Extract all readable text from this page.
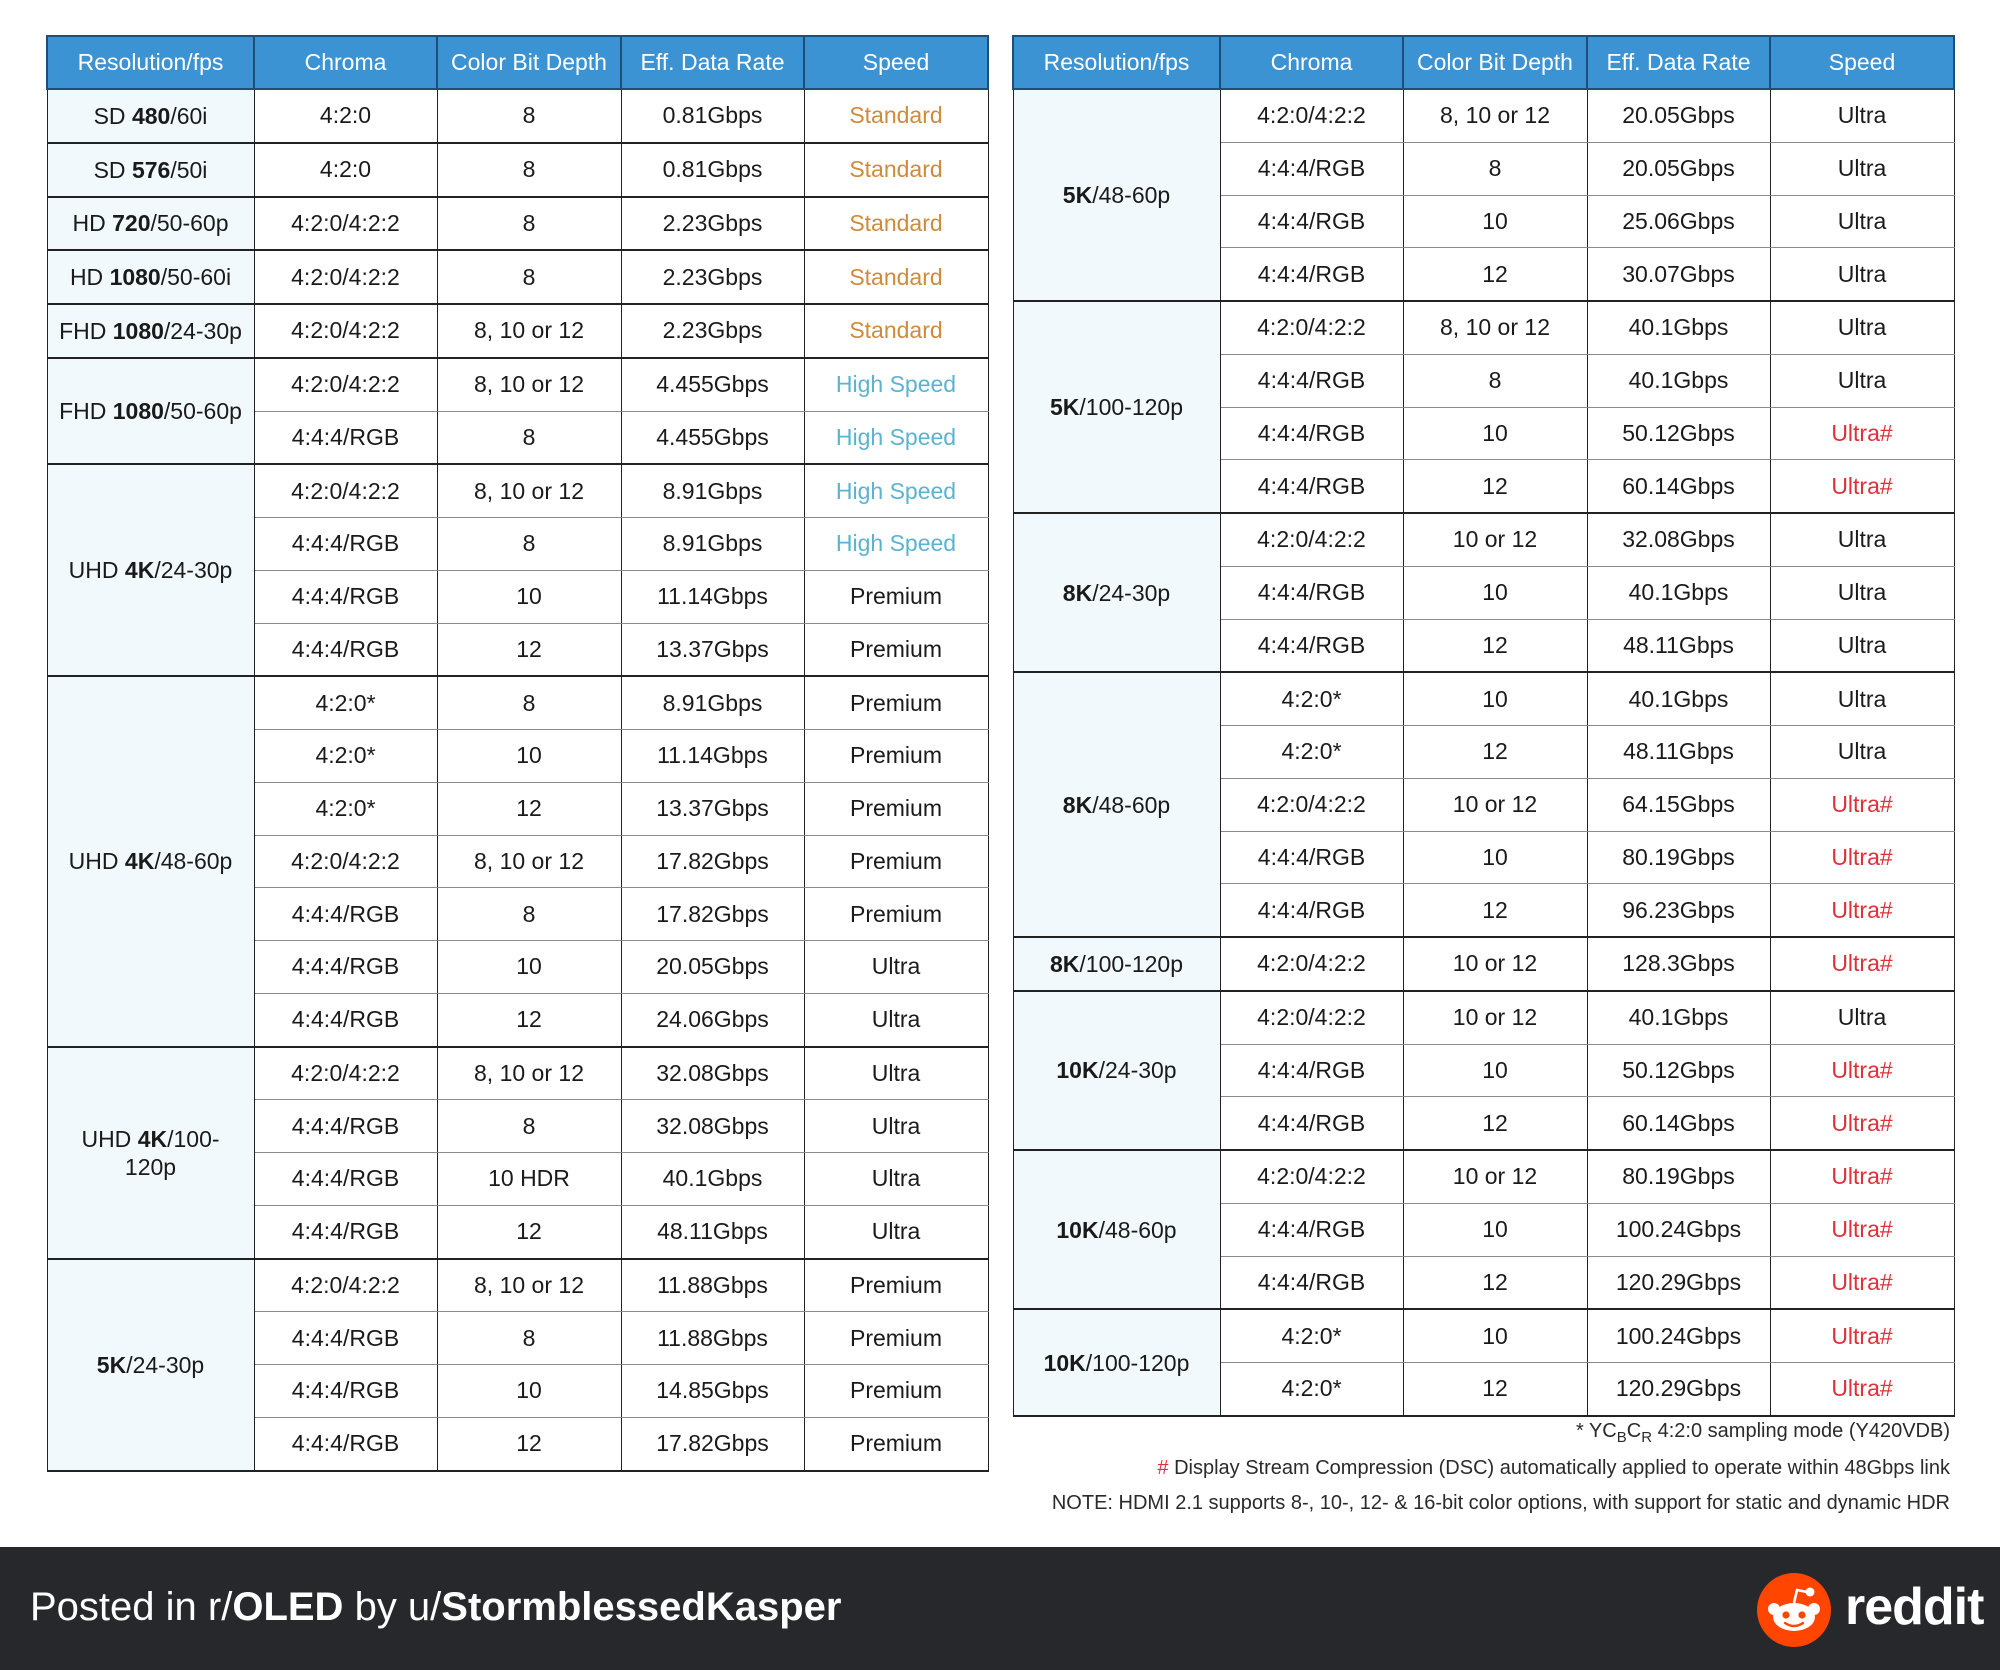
Resolution/fps	Chroma	Color Bit Depth	Eff. Data Rate	Speed
SD 480/60i	4:2:0	8	0.81Gbps	Standard
SD 576/50i	4:2:0	8	0.81Gbps	Standard
HD 720/50-60p	4:2:0/4:2:2	8	2.23Gbps	Standard
HD 1080/50-60i	4:2:0/4:2:2	8	2.23Gbps	Standard
FHD 1080/24-30p	4:2:0/4:2:2	8, 10 or 12	2.23Gbps	Standard
FHD 1080/50-60p	4:2:0/4:2:2	8, 10 or 12	4.455Gbps	High Speed
	4:4:4/RGB	8	4.455Gbps	High Speed
UHD 4K/24-30p	4:2:0/4:2:2	8, 10 or 12	8.91Gbps	High Speed
	4:4:4/RGB	8	8.91Gbps	High Speed
	4:4:4/RGB	10	11.14Gbps	Premium
	4:4:4/RGB	12	13.37Gbps	Premium
UHD 4K/48-60p	4:2:0*	8	8.91Gbps	Premium
	4:2:0*	10	11.14Gbps	Premium
	4:2:0*	12	13.37Gbps	Premium
	4:2:0/4:2:2	8, 10 or 12	17.82Gbps	Premium
	4:4:4/RGB	8	17.82Gbps	Premium
	4:4:4/RGB	10	20.05Gbps	Ultra
	4:4:4/RGB	12	24.06Gbps	Ultra
UHD 4K/100-120p	4:2:0/4:2:2	8, 10 or 12	32.08Gbps	Ultra
	4:4:4/RGB	8	32.08Gbps	Ultra
	4:4:4/RGB	10 HDR	40.1Gbps	Ultra
	4:4:4/RGB	12	48.11Gbps	Ultra
5K/24-30p	4:2:0/4:2:2	8, 10 or 12	11.88Gbps	Premium
	4:4:4/RGB	8	11.88Gbps	Premium
	4:4:4/RGB	10	14.85Gbps	Premium
	4:4:4/RGB	12	17.82Gbps	Premium
Resolution/fps	Chroma	Color Bit Depth	Eff. Data Rate	Speed
5K/48-60p	4:2:0/4:2:2	8, 10 or 12	20.05Gbps	Ultra
	4:4:4/RGB	8	20.05Gbps	Ultra
	4:4:4/RGB	10	25.06Gbps	Ultra
	4:4:4/RGB	12	30.07Gbps	Ultra
5K/100-120p	4:2:0/4:2:2	8, 10 or 12	40.1Gbps	Ultra
	4:4:4/RGB	8	40.1Gbps	Ultra
	4:4:4/RGB	10	50.12Gbps	Ultra#
	4:4:4/RGB	12	60.14Gbps	Ultra#
8K/24-30p	4:2:0/4:2:2	10 or 12	32.08Gbps	Ultra
	4:4:4/RGB	10	40.1Gbps	Ultra
	4:4:4/RGB	12	48.11Gbps	Ultra
8K/48-60p	4:2:0*	10	40.1Gbps	Ultra
	4:2:0*	12	48.11Gbps	Ultra
	4:2:0/4:2:2	10 or 12	64.15Gbps	Ultra#
	4:4:4/RGB	10	80.19Gbps	Ultra#
	4:4:4/RGB	12	96.23Gbps	Ultra#
8K/100-120p	4:2:0/4:2:2	10 or 12	128.3Gbps	Ultra#
10K/24-30p	4:2:0/4:2:2	10 or 12	40.1Gbps	Ultra
	4:4:4/RGB	10	50.12Gbps	Ultra#
	4:4:4/RGB	12	60.14Gbps	Ultra#
10K/48-60p	4:2:0/4:2:2	10 or 12	80.19Gbps	Ultra#
	4:4:4/RGB	10	100.24Gbps	Ultra#
	4:4:4/RGB	12	120.29Gbps	Ultra#
10K/100-120p	4:2:0*	10	100.24Gbps	Ultra#
	4:2:0*	12	120.29Gbps	Ultra#
* $YC_BC_R$ 4:2:0 sampling mode (Y420VDB)
# Display Stream Compression (DSC) automatically applied to operate within 48Gbps link
NOTE: HDMI 2.1 supports 8-, 10-, 12- & 16-bit color options, with support for static and dynamic HDR
Posted in r/OLED by u/StormblessedKasper	reddit
